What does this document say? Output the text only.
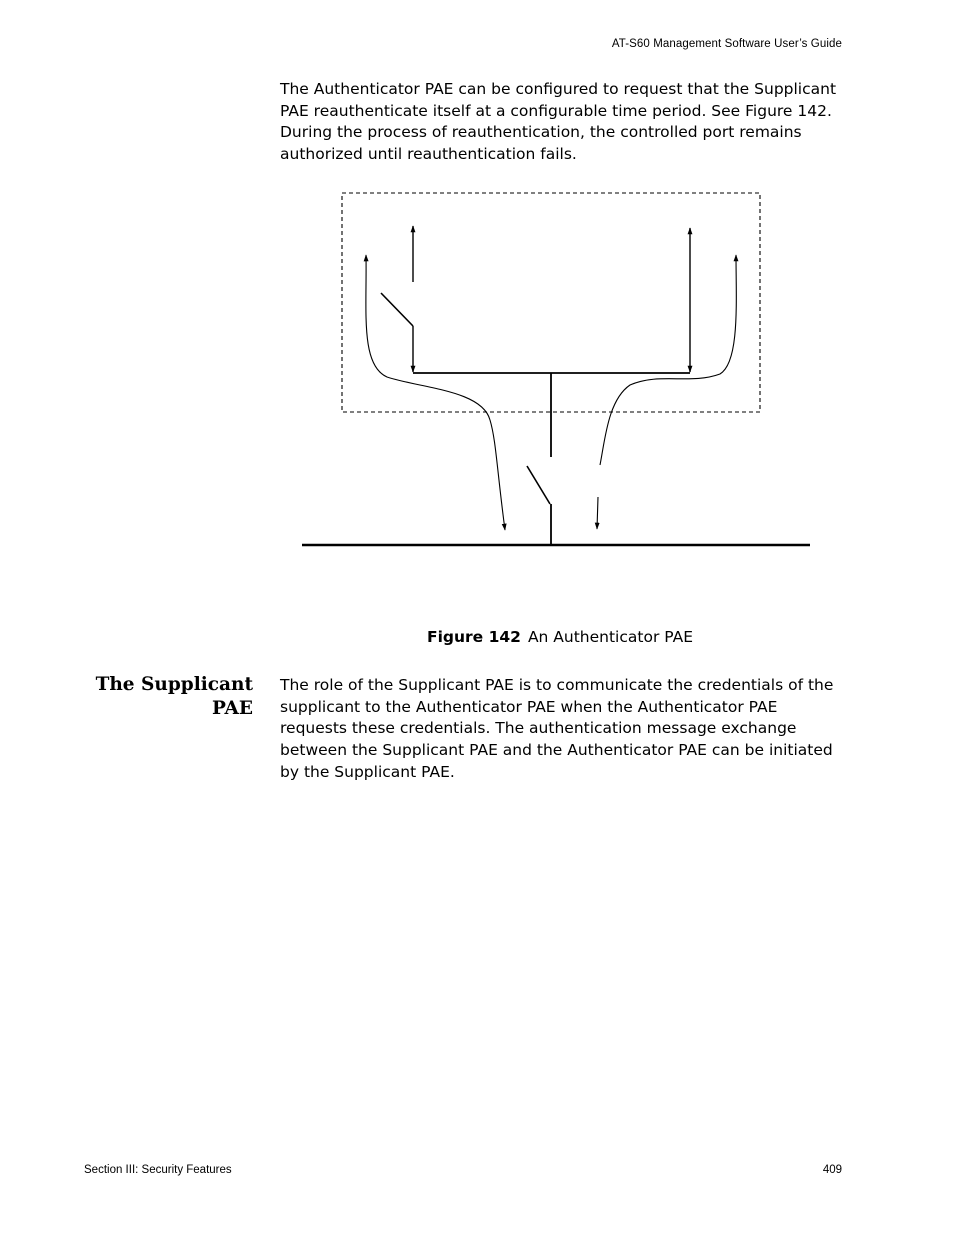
AT-S60 Management Software User’s Guide

The Authenticator PAE can be configured to request that the Supplicant
PAE reauthenticate itself at a configurable time period. See Figure 142.
During the process of reauthentication, the controlled port remains
authorized until reauthentication fails.

Figure 142 An Authenticator PAE

The Supplicant
PAE

The role of the Supplicant PAE is to communicate the credentials of the
supplicant to the Authenticator PAE when the Authenticator PAE
requests these credentials. The authentication message exchange
between the Supplicant PAE and the Authenticator PAE can be initiated
by the Supplicant PAE.

Section III: Security Features	409
